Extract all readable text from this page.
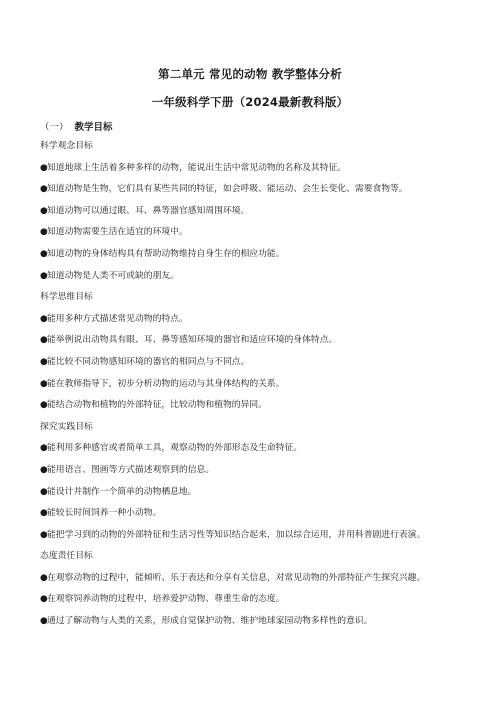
第二单元 常见的动物 教学整体分析
一年级科学下册（2024最新教科版）
（一） 教学目标
科学观念目标
●知道地球上生活着多种多样的动物，能说出生活中常见动物的名称及其特征。
●知道动物是生物，它们具有某些共同的特征，如会呼吸、能运动、会生长变化、需要食物等。
●知道动物可以通过眼、耳、鼻等器官感知周围环境。
●知道动物需要生活在适宜的环境中。
●知道动物的身体结构具有帮助动物维持自身生存的相应功能。
●知道动物是人类不可或缺的朋友。
科学思维目标
●能用多种方式描述常见动物的特点。
●能举例说出动物具有眼、耳、鼻等感知环境的器官和适应环境的身体特点。
●能比较不同动物感知环境的器官的相同点与不同点。
●能在教师指导下，初步分析动物的运动与其身体结构的关系。
●能结合动物和植物的外部特征，比较动物和植物的异同。
探究实践目标
●能利用多种感官或者简单工具，观察动物的外部形态及生命特征。
●能用语言、图画等方式描述观察到的信息。
●能设计并制作一个简单的动物栖息地。
●能较长时间饲养一种小动物。
●能把学习到的动物的外部特征和生活习性等知识结合起来，加以综合运用，并用科普剧进行表演。
态度责任目标
●在观察动物的过程中，能倾听、乐于表达和分享有关信息，对常见动物的外部特征产生探究兴趣。
●在观察饲养动物的过程中，培养爱护动物、尊重生命的态度。
●通过了解动物与人类的关系，形成自觉保护动物、维护地球家园动物多样性的意识。
